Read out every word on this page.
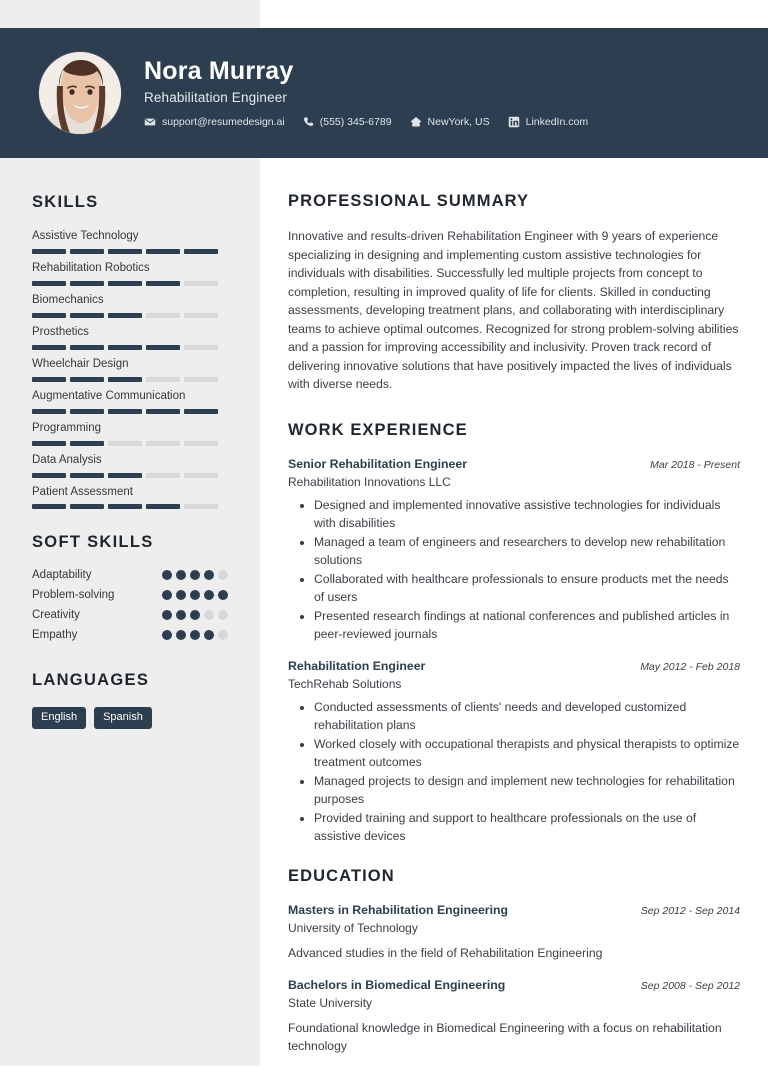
Nora Murray
Rehabilitation Engineer
support@resumedesign.ai	(555) 345-6789	NewYork, US	LinkedIn.com
SKILLS
Assistive Technology
Rehabilitation Robotics
Biomechanics
Prosthetics
Wheelchair Design
Augmentative Communication
Programming
Data Analysis
Patient Assessment
SOFT SKILLS
Adaptability
Problem-solving
Creativity
Empathy
LANGUAGES
English	Spanish
PROFESSIONAL SUMMARY
Innovative and results-driven Rehabilitation Engineer with 9 years of experience specializing in designing and implementing custom assistive technologies for individuals with disabilities. Successfully led multiple projects from concept to completion, resulting in improved quality of life for clients. Skilled in conducting assessments, developing treatment plans, and collaborating with interdisciplinary teams to achieve optimal outcomes. Recognized for strong problem-solving abilities and a passion for improving accessibility and inclusivity. Proven track record of delivering innovative solutions that have positively impacted the lives of individuals with diverse needs.
WORK EXPERIENCE
Senior Rehabilitation Engineer	Mar 2018 - Present
Rehabilitation Innovations LLC
• Designed and implemented innovative assistive technologies for individuals with disabilities
• Managed a team of engineers and researchers to develop new rehabilitation solutions
• Collaborated with healthcare professionals to ensure products met the needs of users
• Presented research findings at national conferences and published articles in peer-reviewed journals
Rehabilitation Engineer	May 2012 - Feb 2018
TechRehab Solutions
• Conducted assessments of clients' needs and developed customized rehabilitation plans
• Worked closely with occupational therapists and physical therapists to optimize treatment outcomes
• Managed projects to design and implement new technologies for rehabilitation purposes
• Provided training and support to healthcare professionals on the use of assistive devices
EDUCATION
Masters in Rehabilitation Engineering	Sep 2012 - Sep 2014
University of Technology
Advanced studies in the field of Rehabilitation Engineering
Bachelors in Biomedical Engineering	Sep 2008 - Sep 2012
State University
Foundational knowledge in Biomedical Engineering with a focus on rehabilitation technology
